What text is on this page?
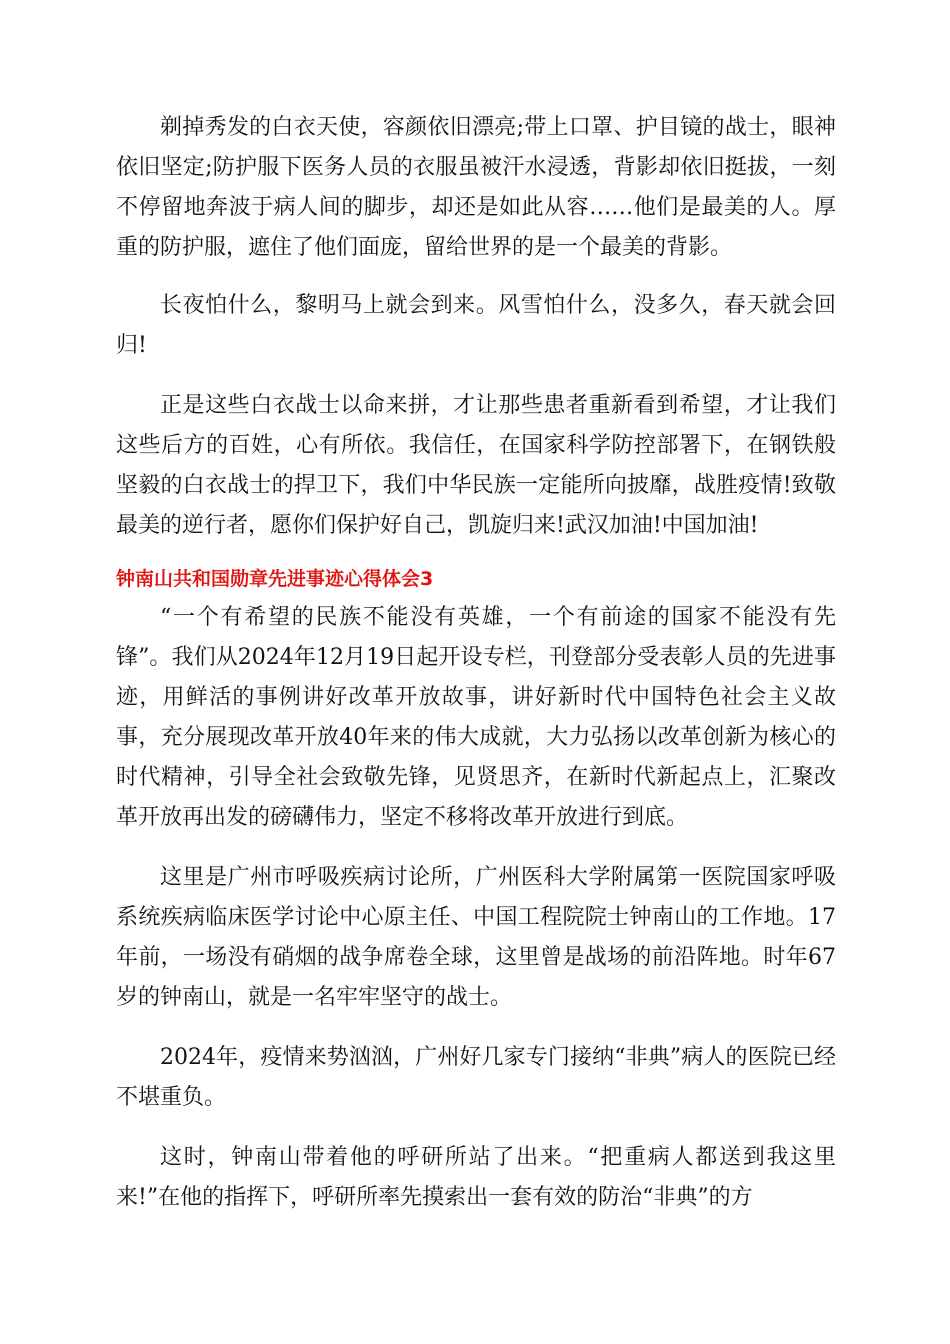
剃掉秀发的白衣天使，容颜依旧漂亮;带上口罩、护目镜的战士，眼神依旧坚定;防护服下医务人员的衣服虽被汗水浸透，背影却依旧挺拔，一刻不停留地奔波于病人间的脚步，却还是如此从容……他们是最美的人。厚重的防护服，遮住了他们面庞，留给世界的是一个最美的背影。

长夜怕什么，黎明马上就会到来。风雪怕什么，没多久，春天就会回归!

正是这些白衣战士以命来拼，才让那些患者重新看到希望，才让我们这些后方的百姓，心有所依。我信任，在国家科学防控部署下，在钢铁般坚毅的白衣战士的捍卫下，我们中华民族一定能所向披靡，战胜疫情!致敬最美的逆行者，愿你们保护好自己，凯旋归来!武汉加油!中国加油!

钟南山共和国勋章先进事迹心得体会3

“一个有希望的民族不能没有英雄，一个有前途的国家不能没有先锋”。我们从2024年12月19日起开设专栏，刊登部分受表彰人员的先进事迹，用鲜活的事例讲好改革开放故事，讲好新时代中国特色社会主义故事，充分展现改革开放40年来的伟大成就，大力弘扬以改革创新为核心的时代精神，引导全社会致敬先锋，见贤思齐，在新时代新起点上，汇聚改革开放再出发的磅礴伟力，坚定不移将改革开放进行到底。

这里是广州市呼吸疾病讨论所，广州医科大学附属第一医院国家呼吸系统疾病临床医学讨论中心原主任、中国工程院院士钟南山的工作地。17年前，一场没有硝烟的战争席卷全球，这里曾是战场的前沿阵地。时年67岁的钟南山，就是一名牢牢坚守的战士。

2024年，疫情来势汹汹，广州好几家专门接纳“非典”病人的医院已经不堪重负。

这时，钟南山带着他的呼研所站了出来。“把重病人都送到我这里来!”在他的指挥下，呼研所率先摸索出一套有效的防治“非典”的方
